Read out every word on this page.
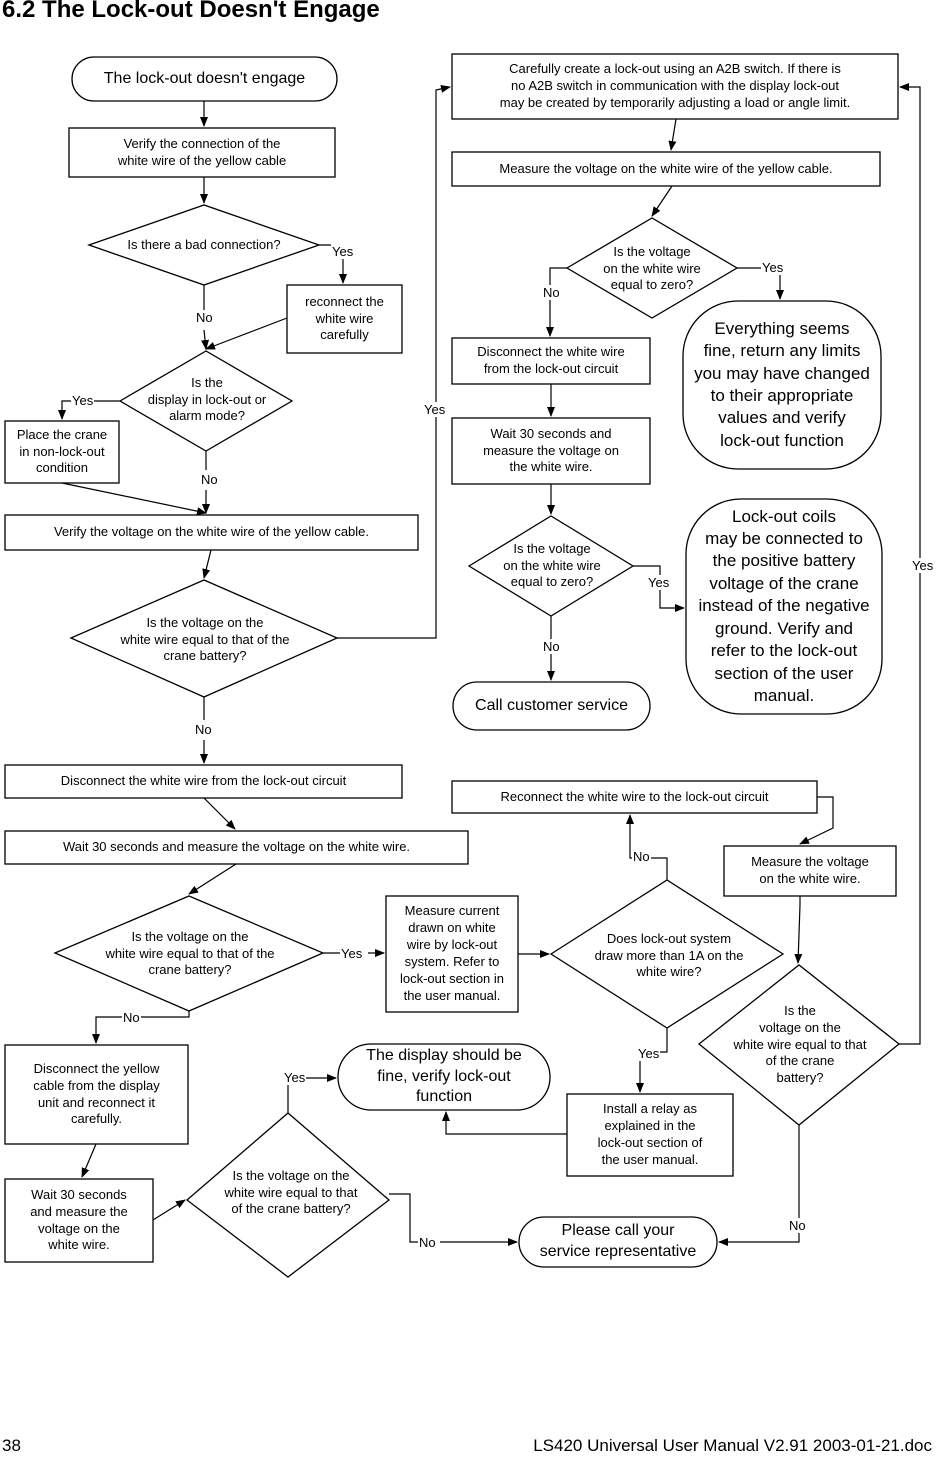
6.2 The Lock-out Doesn't Engage
The lock-out doesn't engage
Verify the connection of the
white wire of the yellow cable
Is there a bad connection?
reconnect the
white wire
carefully
Is the
display in lock-out or
alarm mode?
Place the crane
in non-lock-out
condition
Verify the voltage on the white wire of the yellow cable.
Is the voltage on the
white wire equal to that of the
crane battery?
Disconnect the white wire from the lock-out circuit
Wait 30 seconds and measure the voltage on the white wire.
Is the voltage on the
white wire equal to that of the
crane battery?
Measure current
drawn on white
wire by lock-out
system. Refer to
lock-out section in
the user manual.
Does lock-out system
draw more than 1A on the
white wire?
Disconnect the yellow
cable from the display
unit and reconnect it
carefully.
Wait 30 seconds
and measure the
voltage on the
white wire.
Is the voltage on the
white wire equal to that
of the crane battery?
The display should be
fine, verify lock-out
function
Install a relay as
explained in the
lock-out section of
the user manual.
Please call your
service representative
Carefully create a lock-out using an A2B switch. If there is
no A2B switch in communication with the display lock-out
may be created by temporarily adjusting a load or angle limit.
Measure the voltage on the white wire of the yellow cable.
Is the voltage
on the white wire
equal to zero?
Everything seems
fine, return any limits
you may have changed
to their appropriate
values and verify
lock-out function
Disconnect the white wire
from the lock-out circuit
Wait 30 seconds and
measure the voltage on
the white wire.
Is the voltage
on the white wire
equal to zero?
Lock-out coils
may be connected to
the positive battery
voltage of the crane
instead of the negative
ground. Verify and
refer to the lock-out
section of the user
manual.
Call customer service
Reconnect the white wire to the lock-out circuit
Measure the voltage
on the white wire.
Is the
voltage on the
white wire equal to that
of the crane
battery?
Yes
No
Yes
No
Yes
No
Yes
No
Yes
No
Yes
No
No
Yes
Yes
No
Yes
No
38	LS420 Universal User Manual V2.91 2003-01-21.doc
